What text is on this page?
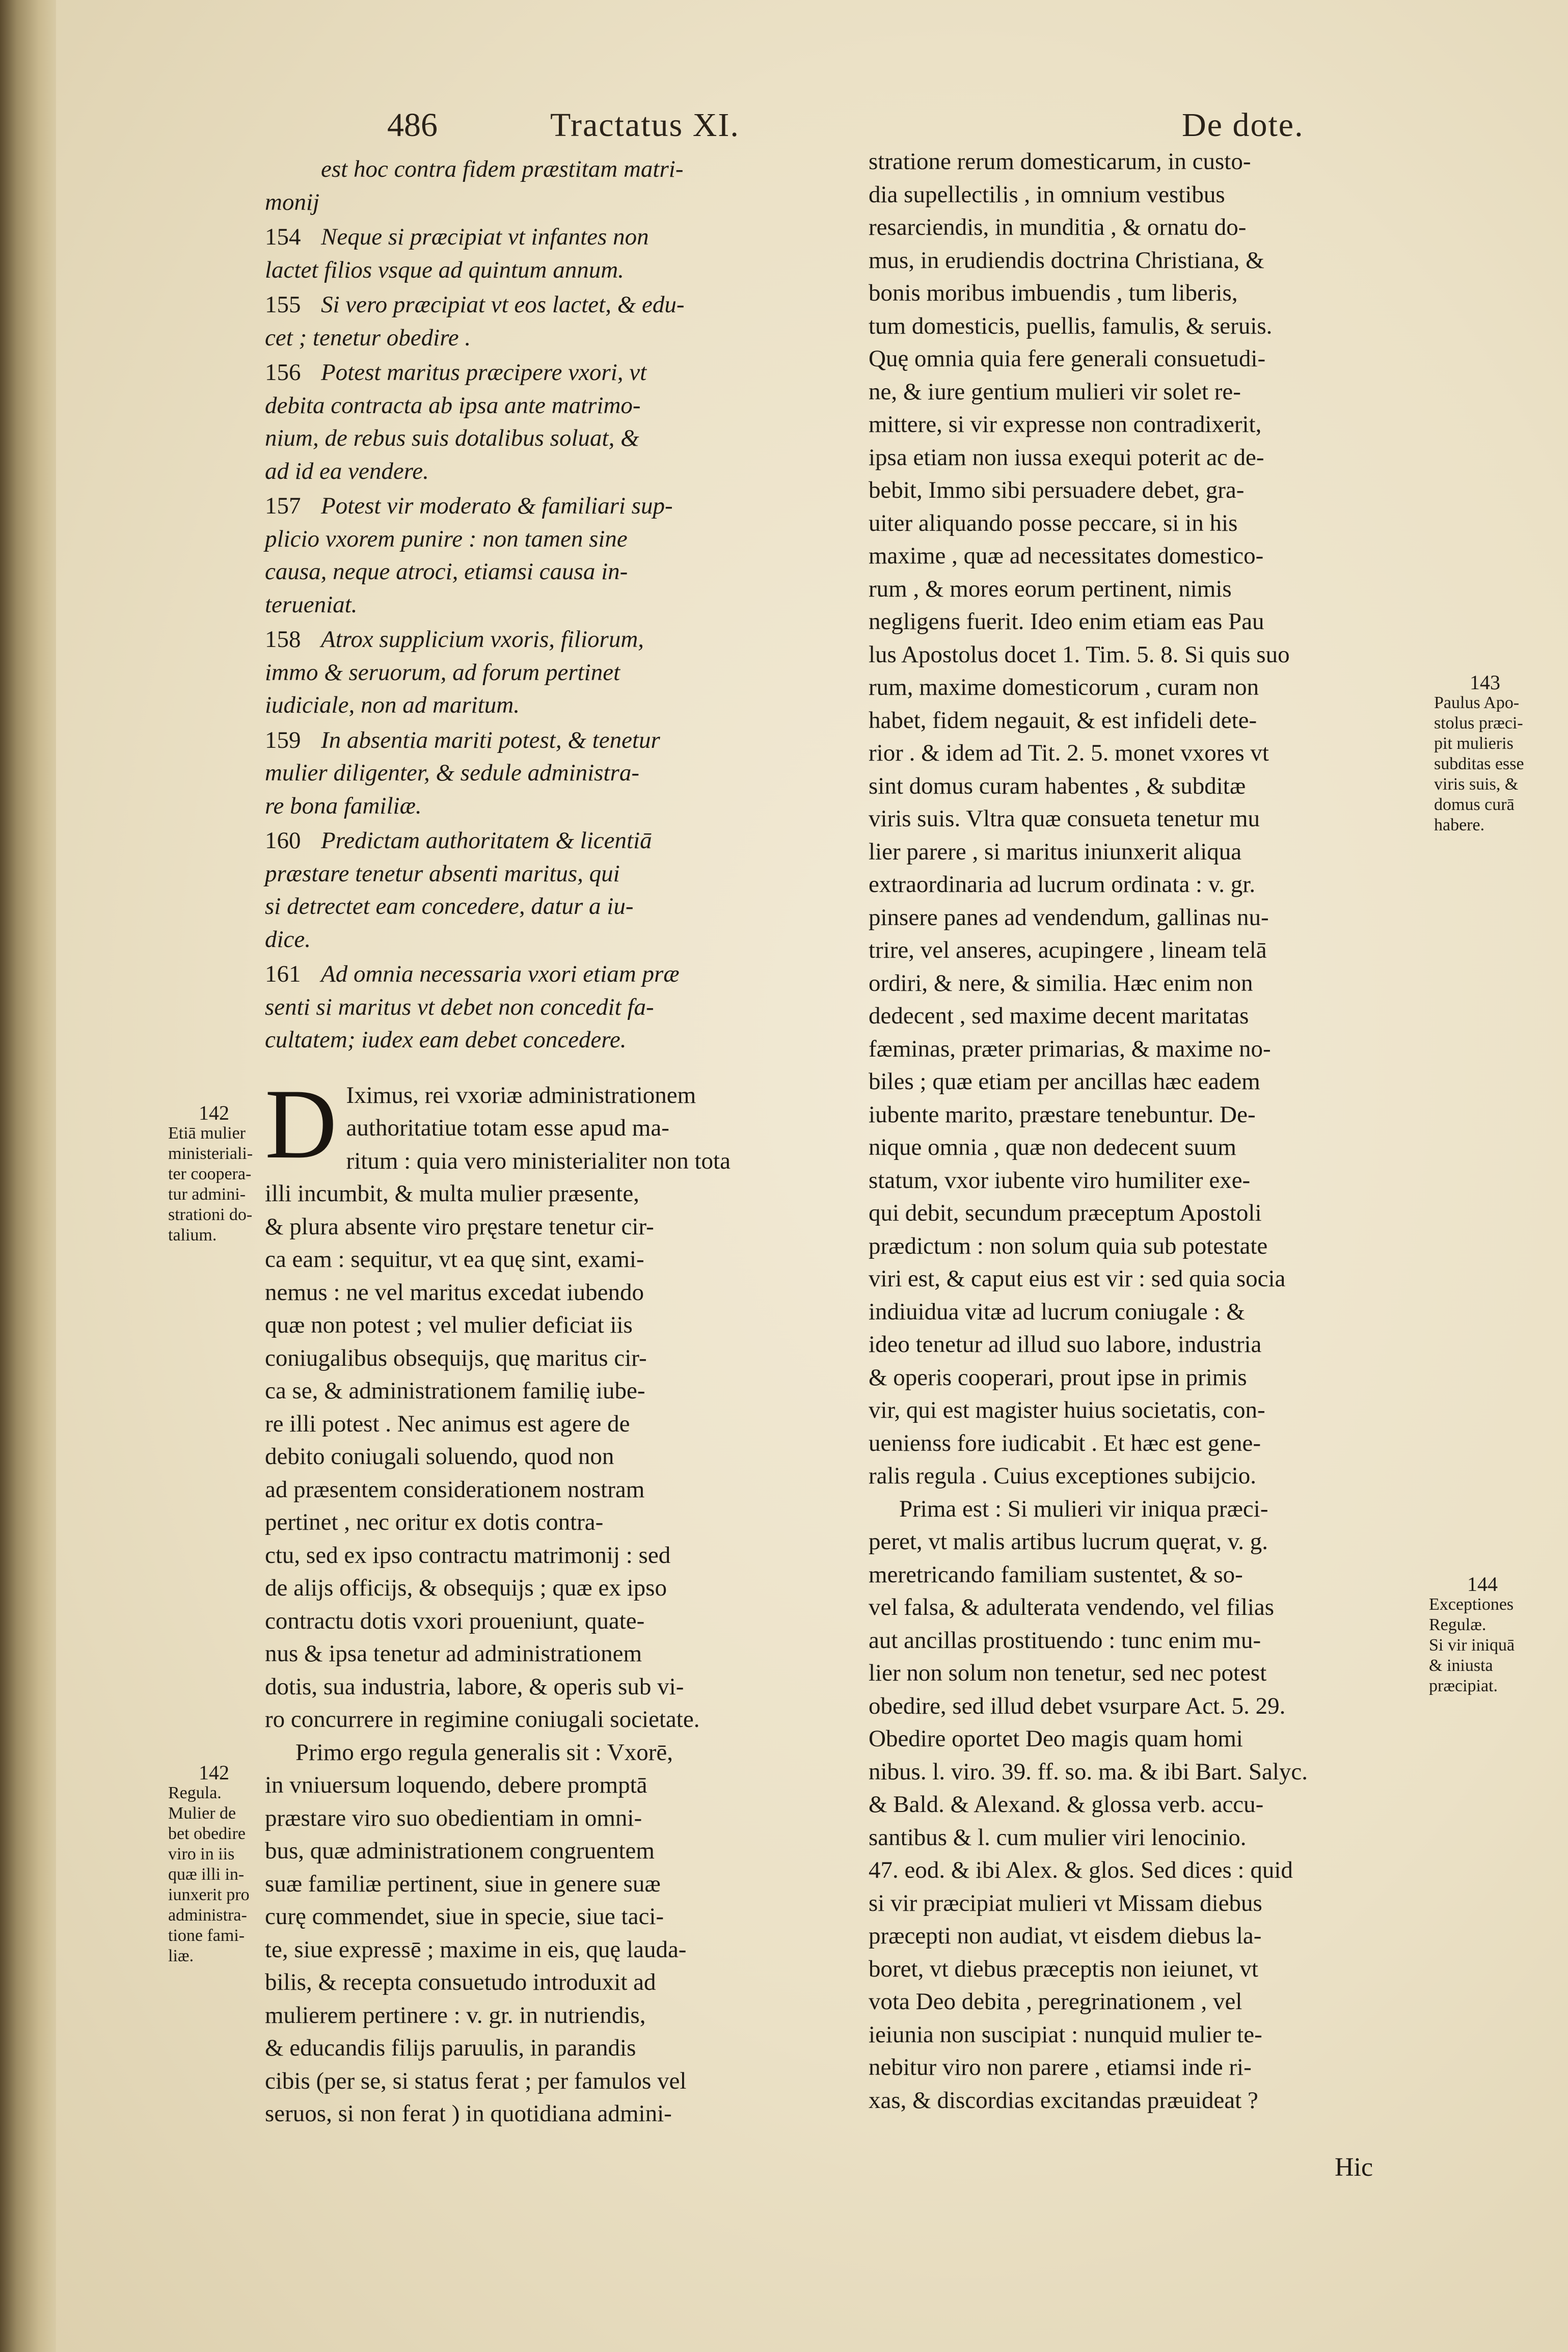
486	Tractatus XI.	De dote.

est hoc contra fidem præstitam matri-

monij

154 Neque si præcipiat vt infantes non

lactet filios vsque ad quintum annum.

155 Si vero præcipiat vt eos lactet, & edu-

cet ; tenetur obedire .

156 Potest maritus præcipere vxori, vt

debita contracta ab ipsa ante matrimo-

nium, de rebus suis dotalibus soluat, &

ad id ea vendere.

157 Potest vir moderato & familiari sup-

plicio vxorem punire : non tamen sine

causa, neque atroci, etiamsi causa in-

terueniat.

158 Atrox supplicium vxoris, filiorum,

immo & seruorum, ad forum pertinet

iudiciale, non ad maritum.

159 In absentia mariti potest, & tenetur

mulier diligenter, & sedule administra-

re bona familiæ.

160 Predictam authoritatem & licentiā

præstare tenetur absenti maritus, qui

si detrectet eam concedere, datur a iu-

dice.

161 Ad omnia necessaria vxori etiam præ

senti si maritus vt debet non concedit fa-

cultatem; iudex eam debet concedere.

D Iximus, rei vxoriæ administrationem
authoritatiue totam esse apud ma-
ritum : quia vero ministerialiter non tota
illi incumbit, & multa mulier præsente,
& plura absente viro pręstare tenetur cir-
ca eam : sequitur, vt ea quę sint, exami-
nemus : ne vel maritus excedat iubendo
quæ non potest ; vel mulier deficiat iis
coniugalibus obsequijs, quę maritus cir-
ca se, & administrationem familię iube-
re illi potest . Nec animus est agere de
debito coniugali soluendo, quod non
ad præsentem considerationem nostram
pertinet , nec oritur ex dotis contra-
ctu, sed ex ipso contractu matrimonij : sed
de alijs officijs, & obsequijs ; quæ ex ipso
contractu dotis vxori proueniunt, quate-
nus & ipsa tenetur ad administrationem
dotis, sua industria, labore, & operis sub vi-
ro concurrere in regimine coniugali societate.
Primo ergo regula generalis sit : Vxorē,
in vniuersum loquendo, debere promptā
præstare viro suo obedientiam in omni-
bus, quæ administrationem congruentem
suæ familiæ pertinent, siue in genere suæ
curę commendet, siue in specie, siue taci-
te, siue expressē ; maxime in eis, quę lauda-
bilis, & recepta consuetudo introduxit ad
mulierem pertinere : v. gr. in nutriendis,
& educandis filijs paruulis, in parandis
cibis (per se, si status ferat ; per famulos vel
seruos, si non ferat ) in quotidiana admini-
stratione rerum domesticarum, in custo-
dia supellectilis , in omnium vestibus
resarciendis, in munditia , & ornatu do-
mus, in erudiendis doctrina Christiana, &
bonis moribus imbuendis , tum liberis,
tum domesticis, puellis, famulis, & seruis.
Quę omnia quia fere generali consuetudi-
ne, & iure gentium mulieri vir solet re-
mittere, si vir expresse non contradixerit,
ipsa etiam non iussa exequi poterit ac de-
bebit, Immo sibi persuadere debet, gra-
uiter aliquando posse peccare, si in his
maxime , quæ ad necessitates domestico-
rum , & mores eorum pertinent, nimis
negligens fuerit. Ideo enim etiam eas Pau
lus Apostolus docet 1. Tim. 5. 8. Si quis suo
rum, maxime domesticorum , curam non
habet, fidem negauit, & est infideli dete-
rior . & idem ad Tit. 2. 5. monet vxores vt
sint domus curam habentes , & subditæ
viris suis. Vltra quæ consueta tenetur mu
lier parere , si maritus iniunxerit aliqua
extraordinaria ad lucrum ordinata : v. gr.
pinsere panes ad vendendum, gallinas nu-
trire, vel anseres, acupingere , lineam telā
ordiri, & nere, & similia. Hæc enim non
dedecent , sed maxime decent maritatas
fæminas, præter primarias, & maxime no-
biles ; quæ etiam per ancillas hæc eadem
iubente marito, præstare tenebuntur. De-
nique omnia , quæ non dedecent suum
statum, vxor iubente viro humiliter exe-
qui debit, secundum præceptum Apostoli
prædictum : non solum quia sub potestate
viri est, & caput eius est vir : sed quia socia
indiuidua vitæ ad lucrum coniugale : &
ideo tenetur ad illud suo labore, industria
& operis cooperari, prout ipse in primis
vir, qui est magister huius societatis, con-
uenienss fore iudicabit . Et hæc est gene-
ralis regula . Cuius exceptiones subijcio.
Prima est : Si mulieri vir iniqua præci-
peret, vt malis artibus lucrum quęrat, v. g.
meretricando familiam sustentet, & so-
vel falsa, & adulterata vendendo, vel filias
aut ancillas prostituendo : tunc enim mu-
lier non solum non tenetur, sed nec potest
obedire, sed illud debet vsurpare Act. 5. 29.
Obedire oportet Deo magis quam homi
nibus. l. viro. 39. ff. so. ma. & ibi Bart. Salyc.
& Bald. & Alexand. & glossa verb. accu-
santibus & l. cum mulier viri lenocinio.
47. eod. & ibi Alex. & glos. Sed dices : quid
si vir præcipiat mulieri vt Missam diebus
præcepti non audiat, vt eisdem diebus la-
boret, vt diebus præceptis non ieiunet, vt
vota Deo debita , peregrinationem , vel
ieiunia non suscipiat : nunquid mulier te-
nebitur viro non parere , etiamsi inde ri-
xas, & discordias excitandas præuideat ?
142
Etiā mulier
ministeriali-
ter coopera-
tur admini-
strationi do-
talium.
142
Regula.
Mulier de
bet obedire
viro in iis
quæ illi in-
iunxerit pro
administra-
tione fami-
liæ.
143
Paulus Apo-
stolus præci-
pit mulieris
subditas esse
viris suis, &
domus curā
habere.
144
Exceptiones
Regulæ.
Si vir iniquā
& iniusta
præcipiat.
Hic
